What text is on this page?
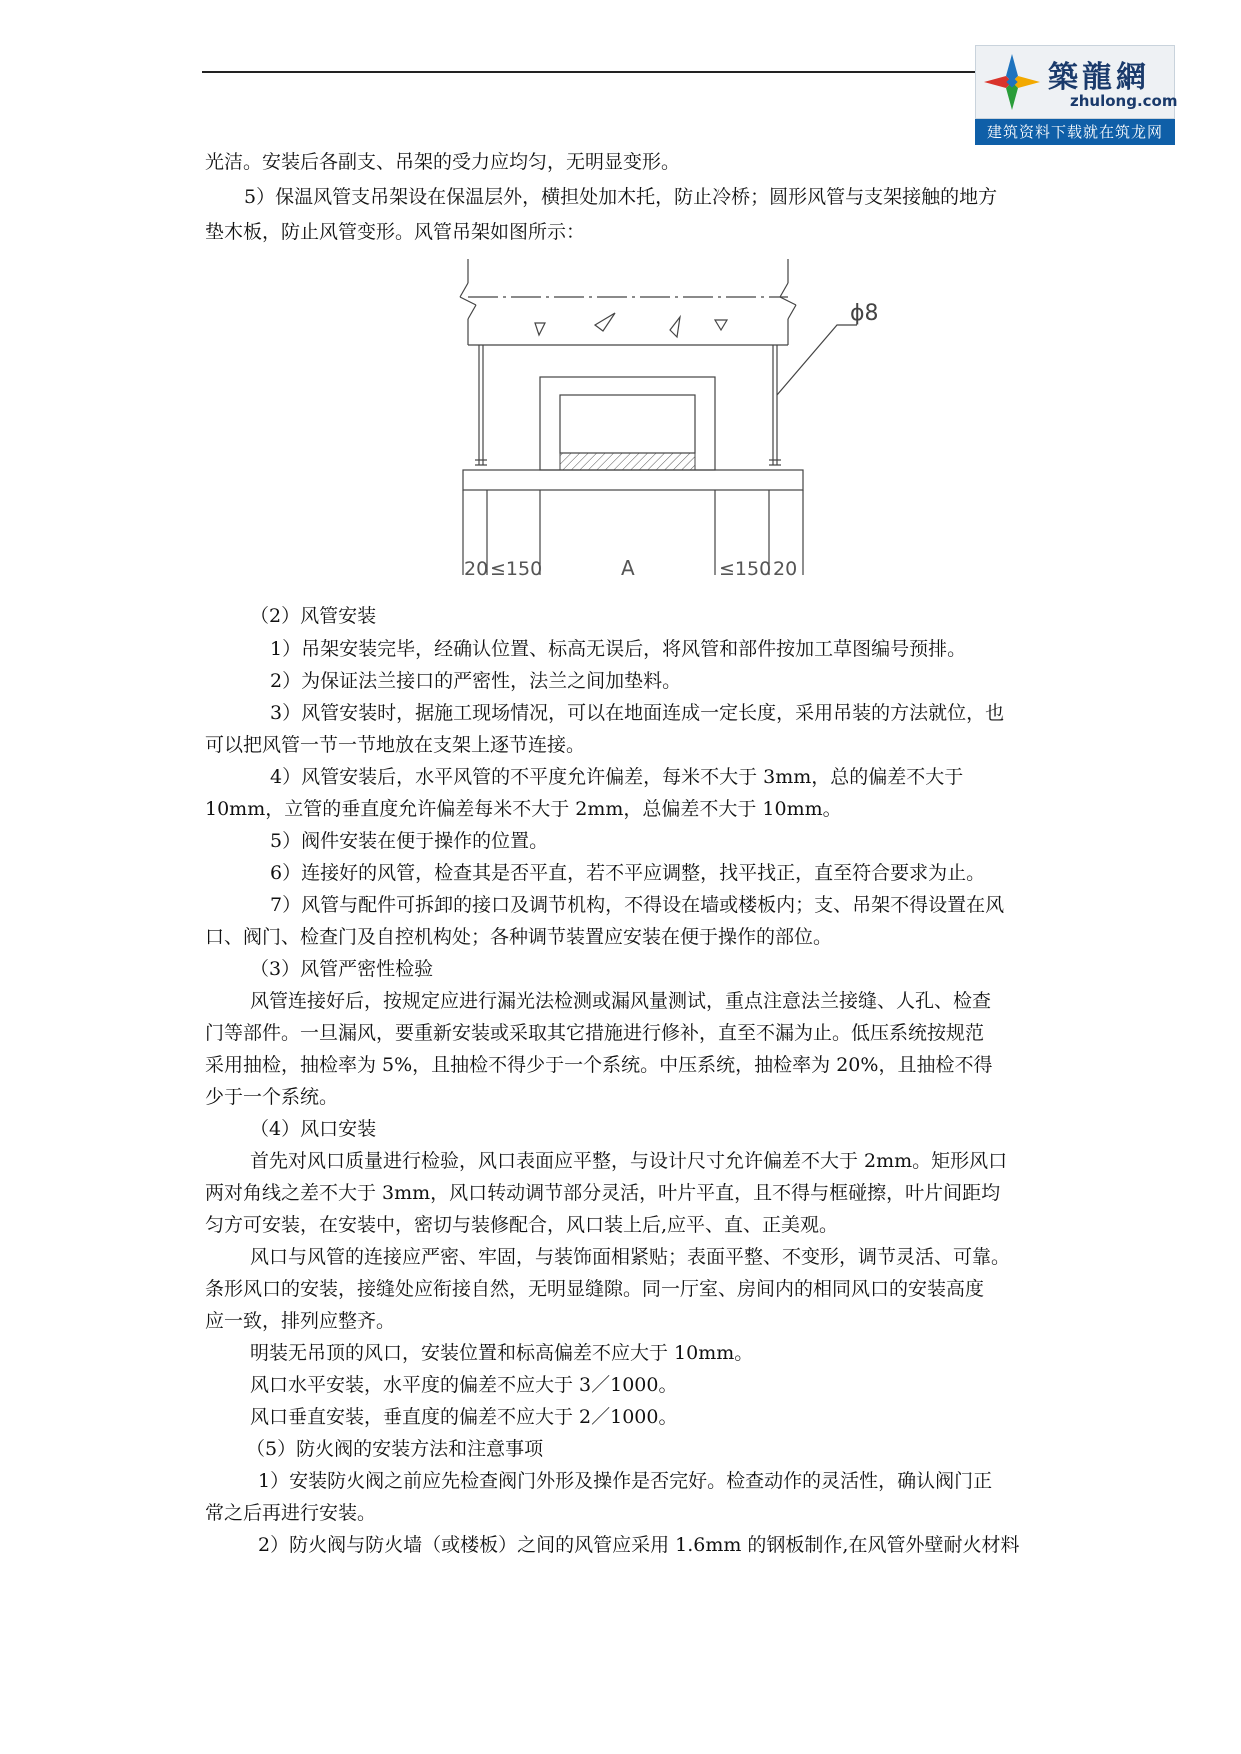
築龍網
zhulong.com
建筑资料下载就在筑龙网

光洁。安装后各副支、吊架的受力应均匀，无明显变形。

5）保温风管支吊架设在保温层外，横担处加木托，防止冷桥；圆形风管与支架接触的地方

垫木板，防止风管变形。风管吊架如图所示：

ϕ8
20 ≤150	A	≤150 20

（2）风管安装

1）吊架安装完毕，经确认位置、标高无误后，将风管和部件按加工草图编号预排。

2）为保证法兰接口的严密性，法兰之间加垫料。

3）风管安装时，据施工现场情况，可以在地面连成一定长度，采用吊装的方法就位，也

可以把风管一节一节地放在支架上逐节连接。

4）风管安装后，水平风管的不平度允许偏差，每米不大于 3mm，总的偏差不大于

10mm，立管的垂直度允许偏差每米不大于 2mm，总偏差不大于 10mm。

5）阀件安装在便于操作的位置。

6）连接好的风管，检查其是否平直，若不平应调整，找平找正，直至符合要求为止。

7）风管与配件可拆卸的接口及调节机构，不得设在墙或楼板内；支、吊架不得设置在风

口、阀门、检查门及自控机构处；各种调节装置应安装在便于操作的部位。

（3）风管严密性检验

风管连接好后，按规定应进行漏光法检测或漏风量测试，重点注意法兰接缝、人孔、检查

门等部件。一旦漏风，要重新安装或采取其它措施进行修补，直至不漏为止。低压系统按规范

采用抽检，抽检率为 5%，且抽检不得少于一个系统。中压系统，抽检率为 20%，且抽检不得

少于一个系统。

（4）风口安装

首先对风口质量进行检验，风口表面应平整，与设计尺寸允许偏差不大于 2mm。矩形风口

两对角线之差不大于 3mm，风口转动调节部分灵活，叶片平直，且不得与框碰擦，叶片间距均

匀方可安装，在安装中，密切与装修配合，风口装上后,应平、直、正美观。

风口与风管的连接应严密、牢固，与装饰面相紧贴；表面平整、不变形，调节灵活、可靠。

条形风口的安装，接缝处应衔接自然，无明显缝隙。同一厅室、房间内的相同风口的安装高度

应一致，排列应整齐。

明装无吊顶的风口，安装位置和标高偏差不应大于 10mm。

风口水平安装，水平度的偏差不应大于 3／1000。

风口垂直安装，垂直度的偏差不应大于 2／1000。

（5）防火阀的安装方法和注意事项

1）安装防火阀之前应先检查阀门外形及操作是否完好。检查动作的灵活性，确认阀门正

常之后再进行安装。

2）防火阀与防火墙（或楼板）之间的风管应采用 1.6mm 的钢板制作,在风管外壁耐火材料
